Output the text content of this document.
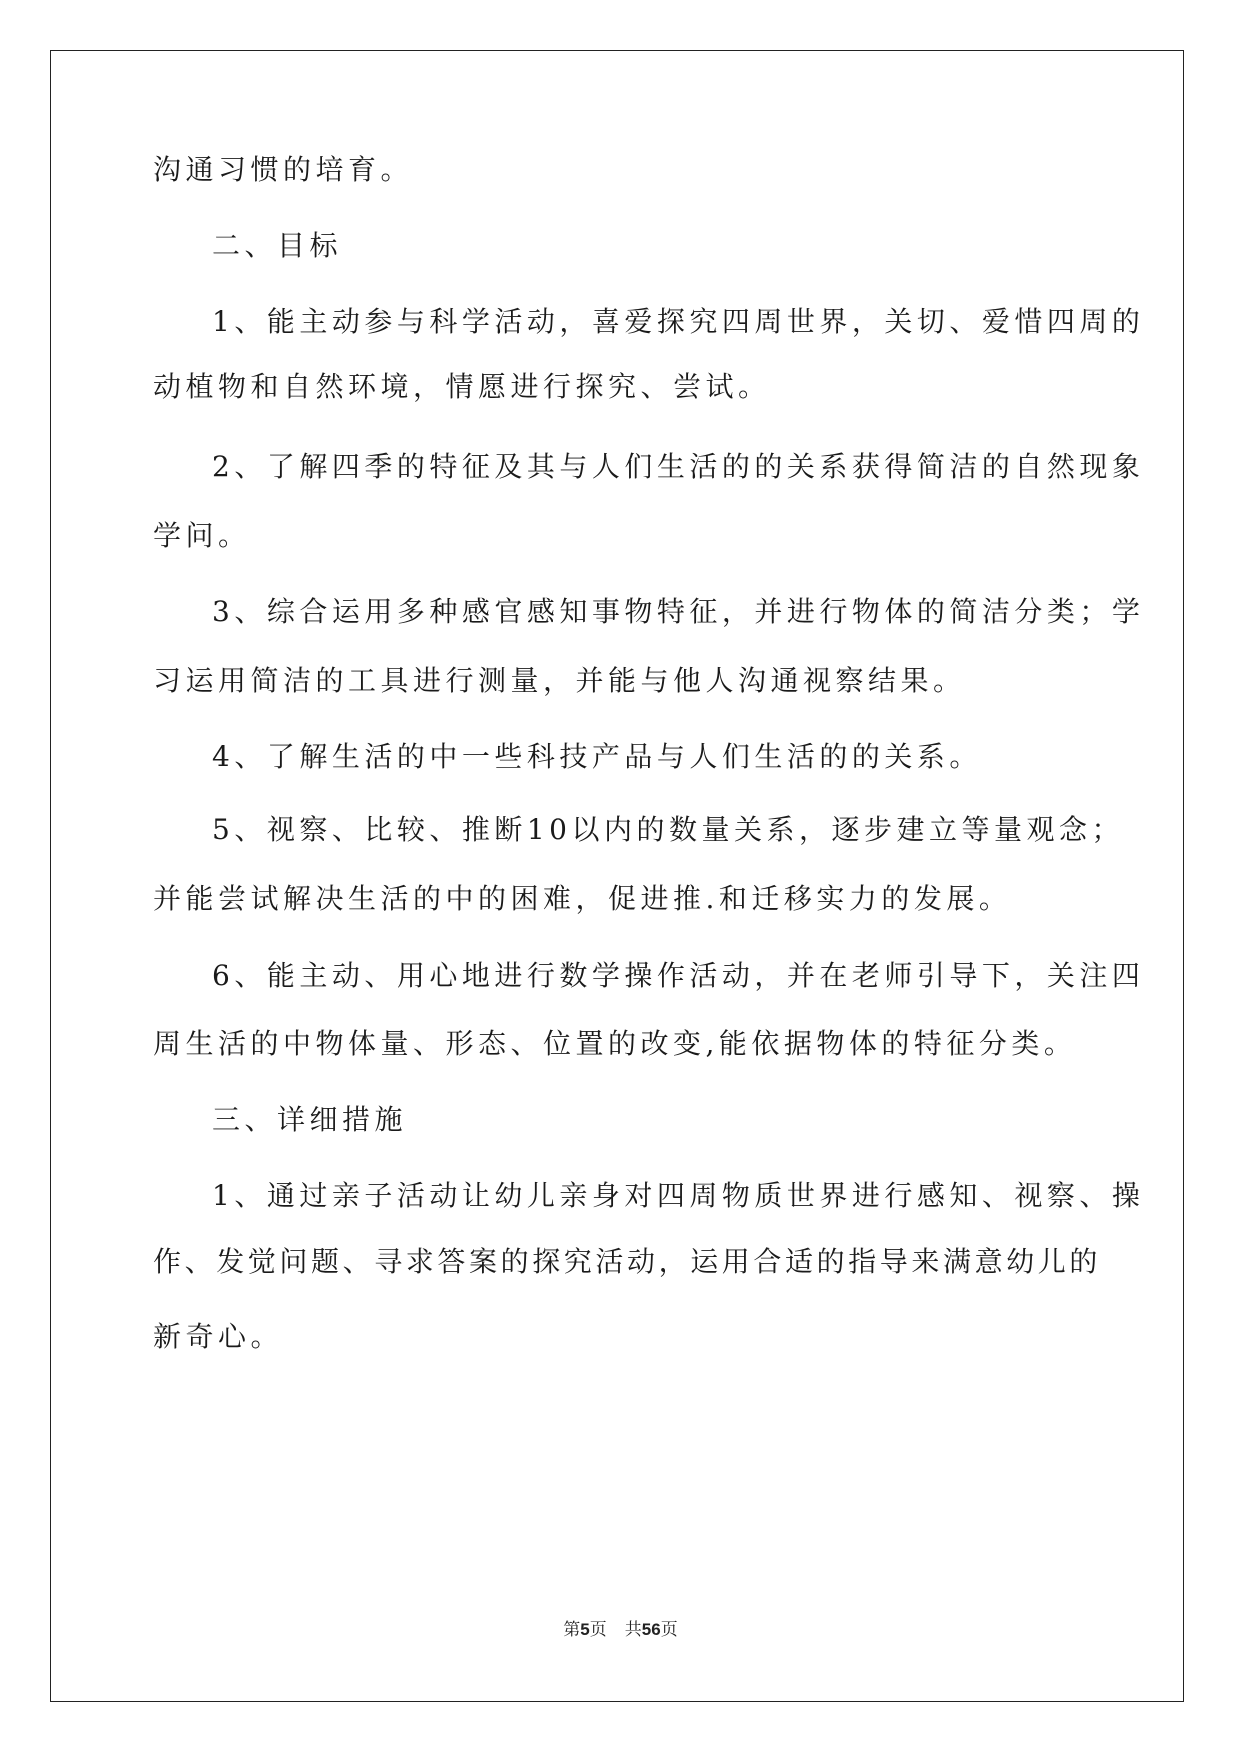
沟通习惯的培育。
二、目标
1、能主动参与科学活动，喜爱探究四周世界，关切、爱惜四周的
动植物和自然环境，情愿进行探究、尝试。
2、了解四季的特征及其与人们生活的的关系获得简洁的自然现象
学问。
3、综合运用多种感官感知事物特征，并进行物体的简洁分类；学
习运用简洁的工具进行测量，并能与他人沟通视察结果。
4、了解生活的中一些科技产品与人们生活的的关系。
5、视察、比较、推断10以内的数量关系，逐步建立等量观念；
并能尝试解决生活的中的困难，促进推.和迁移实力的发展。
6、能主动、用心地进行数学操作活动，并在老师引导下，关注四
周生活的中物体量、形态、位置的改变,能依据物体的特征分类。
三、详细措施
1、通过亲子活动让幼儿亲身对四周物质世界进行感知、视察、操
作、发觉问题、寻求答案的探究活动，运用合适的指导来满意幼儿的
新奇心。
第5页 共56页
